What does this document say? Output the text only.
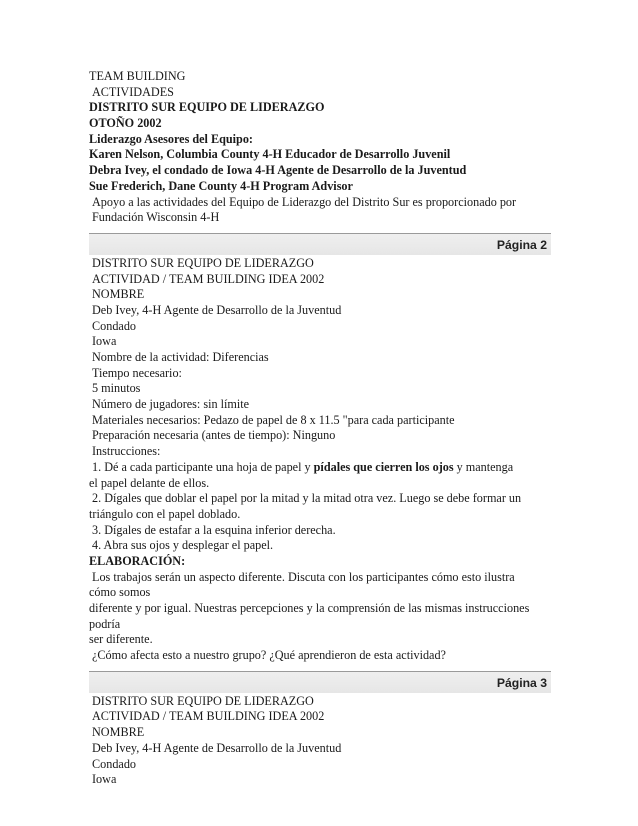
TEAM BUILDING
ACTIVIDADES
DISTRITO SUR EQUIPO DE LIDERAZGO
OTOÑO 2002
Liderazgo Asesores del Equipo:
Karen Nelson, Columbia County 4-H Educador de Desarrollo Juvenil
Debra Ivey, el condado de Iowa 4-H Agente de Desarrollo de la Juventud
Sue Frederich, Dane County 4-H Program Advisor
Apoyo a las actividades del Equipo de Liderazgo del Distrito Sur es proporcionado por
Fundación Wisconsin 4-H
Página 2
DISTRITO SUR EQUIPO DE LIDERAZGO
ACTIVIDAD / TEAM BUILDING IDEA 2002
NOMBRE
Deb Ivey, 4-H Agente de Desarrollo de la Juventud
Condado
Iowa
Nombre de la actividad: Diferencias
Tiempo necesario:
5 minutos
Número de jugadores: sin límite
Materiales necesarios: Pedazo de papel de 8 x 11.5 "para cada participante
Preparación necesaria (antes de tiempo): Ninguno
Instrucciones:
1. Dé a cada participante una hoja de papel y pídales que cierren los ojos y mantenga
el papel delante de ellos.
2. Dígales que doblar el papel por la mitad y la mitad otra vez. Luego se debe formar un
triángulo con el papel doblado.
3. Dígales de estafar a la esquina inferior derecha.
4. Abra sus ojos y desplegar el papel.
ELABORACIÓN:
Los trabajos serán un aspecto diferente. Discuta con los participantes cómo esto ilustra
cómo somos
diferente y por igual. Nuestras percepciones y la comprensión de las mismas instrucciones
podría
ser diferente.
¿Cómo afecta esto a nuestro grupo? ¿Qué aprendieron de esta actividad?
Página 3
DISTRITO SUR EQUIPO DE LIDERAZGO
ACTIVIDAD / TEAM BUILDING IDEA 2002
NOMBRE
Deb Ivey, 4-H Agente de Desarrollo de la Juventud
Condado
Iowa
